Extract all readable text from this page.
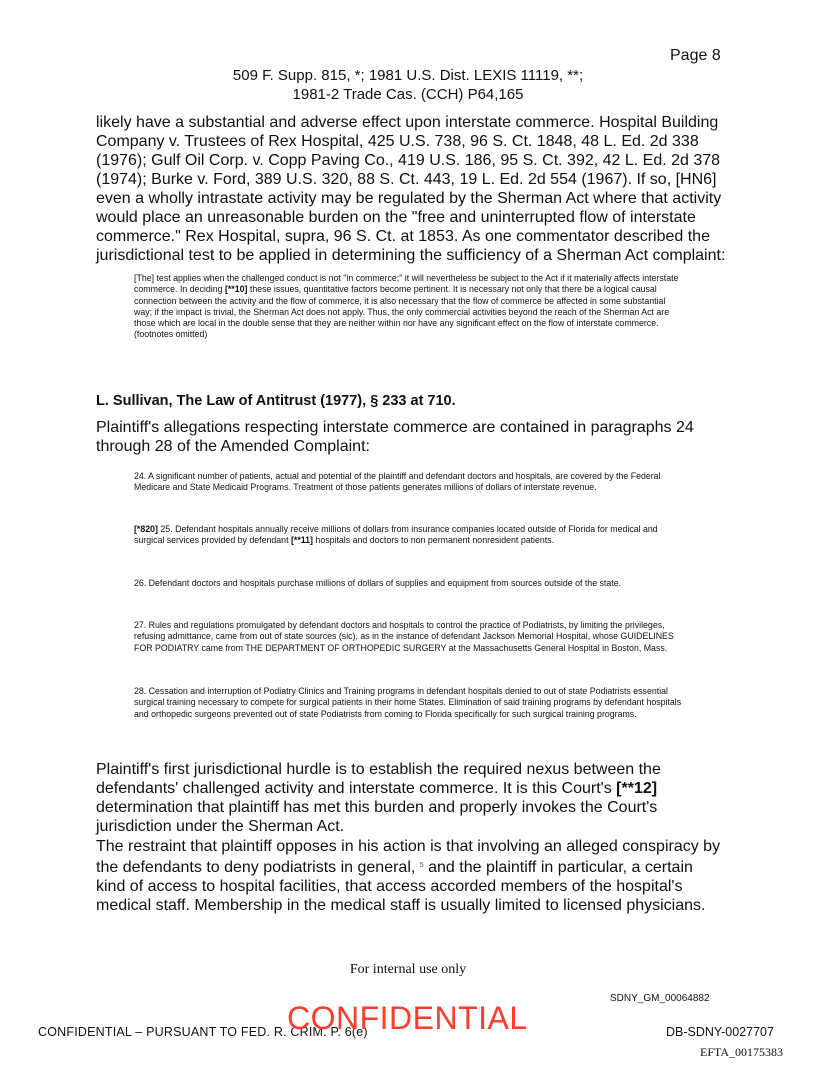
Page 8
509 F. Supp. 815, *; 1981 U.S. Dist. LEXIS 11119, **;
1981-2 Trade Cas. (CCH) P64,165

likely have a substantial and adverse effect upon interstate commerce. Hospital Building Company v. Trustees of Rex Hospital, 425 U.S. 738, 96 S. Ct. 1848, 48 L. Ed. 2d 338 (1976); Gulf Oil Corp. v. Copp Paving Co., 419 U.S. 186, 95 S. Ct. 392, 42 L. Ed. 2d 378 (1974); Burke v. Ford, 389 U.S. 320, 88 S. Ct. 443, 19 L. Ed. 2d 554 (1967). If so, [HN6] even a wholly intrastate activity may be regulated by the Sherman Act where that activity would place an unreasonable burden on the "free and uninterrupted flow of interstate commerce." Rex Hospital, supra, 96 S. Ct. at 1853. As one commentator described the jurisdictional test to be applied in determining the sufficiency of a Sherman Act complaint:

[The] test applies when the challenged conduct is not "in commerce;" it will nevertheless be subject to the Act if it materially affects interstate commerce. In deciding [**10] these issues, quantitative factors become pertinent. It is necessary not only that there be a logical causal connection between the activity and the flow of commerce, it is also necessary that the flow of commerce be affected in some substantial way; if the impact is trivial, the Sherman Act does not apply. Thus, the only commercial activities beyond the reach of the Sherman Act are those which are local in the double sense that they are neither within nor have any significant effect on the flow of interstate commerce. (footnotes omitted)

L. Sullivan, The Law of Antitrust (1977), § 233 at 710.

Plaintiff's allegations respecting interstate commerce are contained in paragraphs 24 through 28 of the Amended Complaint:

24. A significant number of patients, actual and potential of the plaintiff and defendant doctors and hospitals, are covered by the Federal Medicare and State Medicaid Programs. Treatment of those patients generates millions of dollars of interstate revenue.

[*820] 25. Defendant hospitals annually receive millions of dollars from insurance companies located outside of Florida for medical and surgical services provided by defendant [**11] hospitals and doctors to non permanent nonresident patients.

26. Defendant doctors and hospitals purchase millions of dollars of supplies and equipment from sources outside of the state.

27. Rules and regulations promulgated by defendant doctors and hospitals to control the practice of Podiatrists, by limiting the privileges, refusing admittance, came from out of state sources (sic), as in the instance of defendant Jackson Memorial Hospital, whose GUIDELINES FOR PODIATRY came from THE DEPARTMENT OF ORTHOPEDIC SURGERY at the Massachusetts General Hospital in Boston, Mass.

28. Cessation and interruption of Podiatry Clinics and Training programs in defendant hospitals denied to out of state Podiatrists essential surgical training necessary to compete for surgical patients in their home States. Elimination of said training programs by defendant hospitals and orthopedic surgeons prevented out of state Podiatrists from coming to Florida specifically for such surgical training programs.

Plaintiff's first jurisdictional hurdle is to establish the required nexus between the defendants' challenged activity and interstate commerce. It is this Court's [**12] determination that plaintiff has met this burden and properly invokes the Court's jurisdiction under the Sherman Act.

The restraint that plaintiff opposes in his action is that involving an alleged conspiracy by the defendants to deny podiatrists in general, $^5$ and the plaintiff in particular, a certain kind of access to hospital facilities, that access accorded members of the hospital's medical staff. Membership in the medical staff is usually limited to licensed physicians.

For internal use only
SDNY_GM_00064882
CONFIDENTIAL – PURSUANT TO FED. R. CRIM. P. 6(e)
CONFIDENTIAL	DB-SDNY-0027707
EFTA_00175383
